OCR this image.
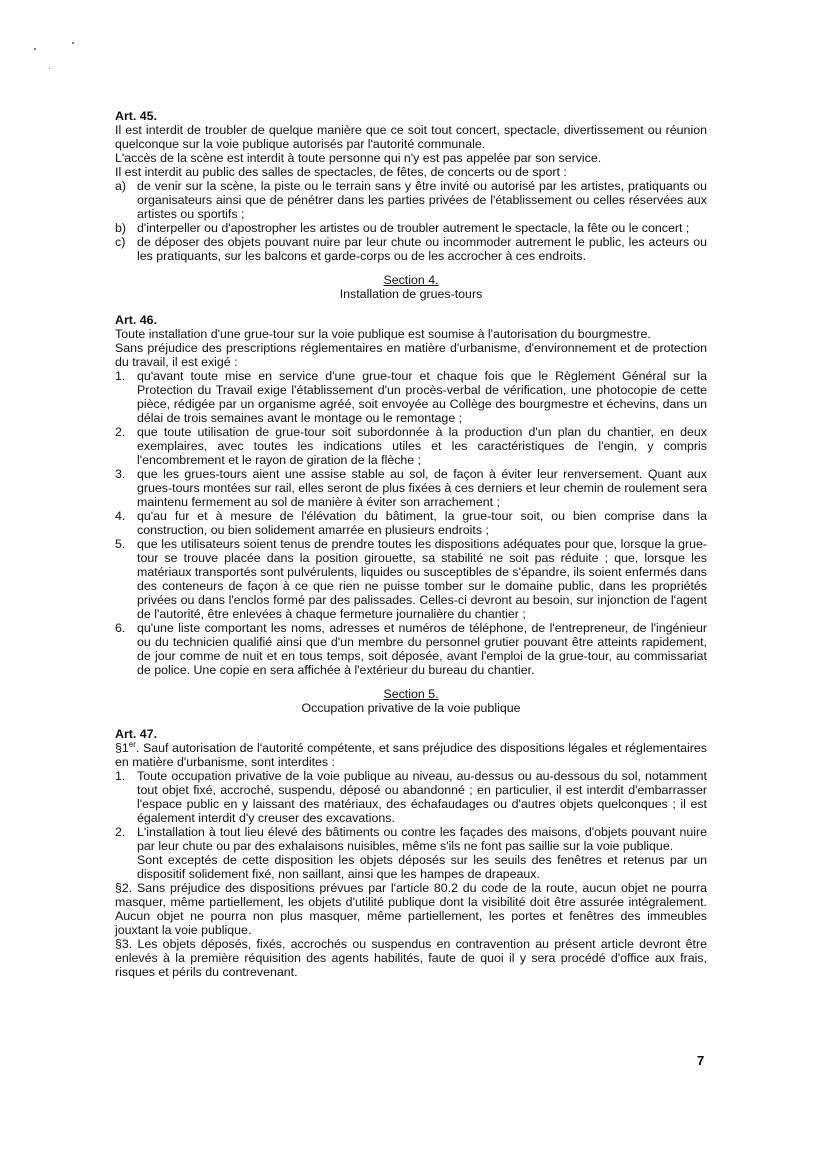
Art. 45.

Il est interdit de troubler de quelque manière que ce soit tout concert, spectacle, divertissement ou réunion quelconque sur la voie publique autorisés par l'autorité communale.

L'accès de la scène est interdit à toute personne qui n'y est pas appelée par son service.

Il est interdit au public des salles de spectacles, de fêtes, de concerts ou de sport :

a) de venir sur la scène, la piste ou le terrain sans y être invité ou autorisé par les artistes, pratiquants ou organisateurs ainsi que de pénétrer dans les parties privées de l'établissement ou celles réservées aux artistes ou sportifs ;
b) d'interpeller ou d'apostropher les artistes ou de troubler autrement le spectacle, la fête ou le concert ;
c) de déposer des objets pouvant nuire par leur chute ou incommoder autrement le public, les acteurs ou les pratiquants, sur les balcons et garde-corps ou de les accrocher à ces endroits.
Section 4.
Installation de grues-tours
Art. 46.

Toute installation d'une grue-tour sur la voie publique est soumise à l'autorisation du bourgmestre.

Sans préjudice des prescriptions réglementaires en matière d'urbanisme, d'environnement et de protection du travail, il est exigé :

1. qu'avant toute mise en service d'une grue-tour et chaque fois que le Règlement Général sur la Protection du Travail exige l'établissement d'un procès-verbal de vérification, une photocopie de cette pièce, rédigée par un organisme agréé, soit envoyée au Collège des bourgmestre et échevins, dans un délai de trois semaines avant le montage ou le remontage ;
2. que toute utilisation de grue-tour soit subordonnée à la production d'un plan du chantier, en deux exemplaires, avec toutes les indications utiles et les caractéristiques de l'engin, y compris l'encombrement et le rayon de giration de la flèche ;
3. que les grues-tours aient une assise stable au sol, de façon à éviter leur renversement. Quant aux grues-tours montées sur rail, elles seront de plus fixées à ces derniers et leur chemin de roulement sera maintenu fermement au sol de manière à éviter son arrachement ;
4. qu'au fur et à mesure de l'élévation du bâtiment, la grue-tour soit, ou bien comprise dans la construction, ou bien solidement amarrée en plusieurs endroits ;
5. que les utilisateurs soient tenus de prendre toutes les dispositions adéquates pour que, lorsque la grue-tour se trouve placée dans la position girouette, sa stabilité ne soit pas réduite ; que, lorsque les matériaux transportés sont pulvérulents, liquides ou susceptibles de s'épandre, ils soient enfermés dans des conteneurs de façon à ce que rien ne puisse tomber sur le domaine public, dans les propriétés privées ou dans l'enclos formé par des palissades. Celles-ci devront au besoin, sur injonction de l'agent de l'autorité, être enlevées à chaque fermeture journalière du chantier ;
6. qu'une liste comportant les noms, adresses et numéros de téléphone, de l'entrepreneur, de l'ingénieur ou du technicien qualifié ainsi que d'un membre du personnel grutier pouvant être atteints rapidement, de jour comme de nuit et en tous temps, soit déposée, avant l'emploi de la grue-tour, au commissariat de police. Une copie en sera affichée à l'extérieur du bureau du chantier.
Section 5.
Occupation privative de la voie publique
Art. 47.

§1er. Sauf autorisation de l'autorité compétente, et sans préjudice des dispositions légales et réglementaires en matière d'urbanisme, sont interdites :

1. Toute occupation privative de la voie publique au niveau, au-dessus ou au-dessous du sol, notamment tout objet fixé, accroché, suspendu, déposé ou abandonné ; en particulier, il est interdit d'embarrasser l'espace public en y laissant des matériaux, des échafaudages ou d'autres objets quelconques ; il est également interdit d'y creuser des excavations.
2. L'installation à tout lieu élevé des bâtiments ou contre les façades des maisons, d'objets pouvant nuire par leur chute ou par des exhalaisons nuisibles, même s'ils ne font pas saillie sur la voie publique.

Sont exceptés de cette disposition les objets déposés sur les seuils des fenêtres et retenus par un dispositif solidement fixé, non saillant, ainsi que les hampes de drapeaux.

§2. Sans préjudice des dispositions prévues par l'article 80.2 du code de la route, aucun objet ne pourra masquer, même partiellement, les objets d'utilité publique dont la visibilité doit être assurée intégralement. Aucun objet ne pourra non plus masquer, même partiellement, les portes et fenêtres des immeubles jouxtant la voie publique.

§3. Les objets déposés, fixés, accrochés ou suspendus en contravention au présent article devront être enlevés à la première réquisition des agents habilités, faute de quoi il y sera procédé d'office aux frais, risques et périls du contrevenant.

7
